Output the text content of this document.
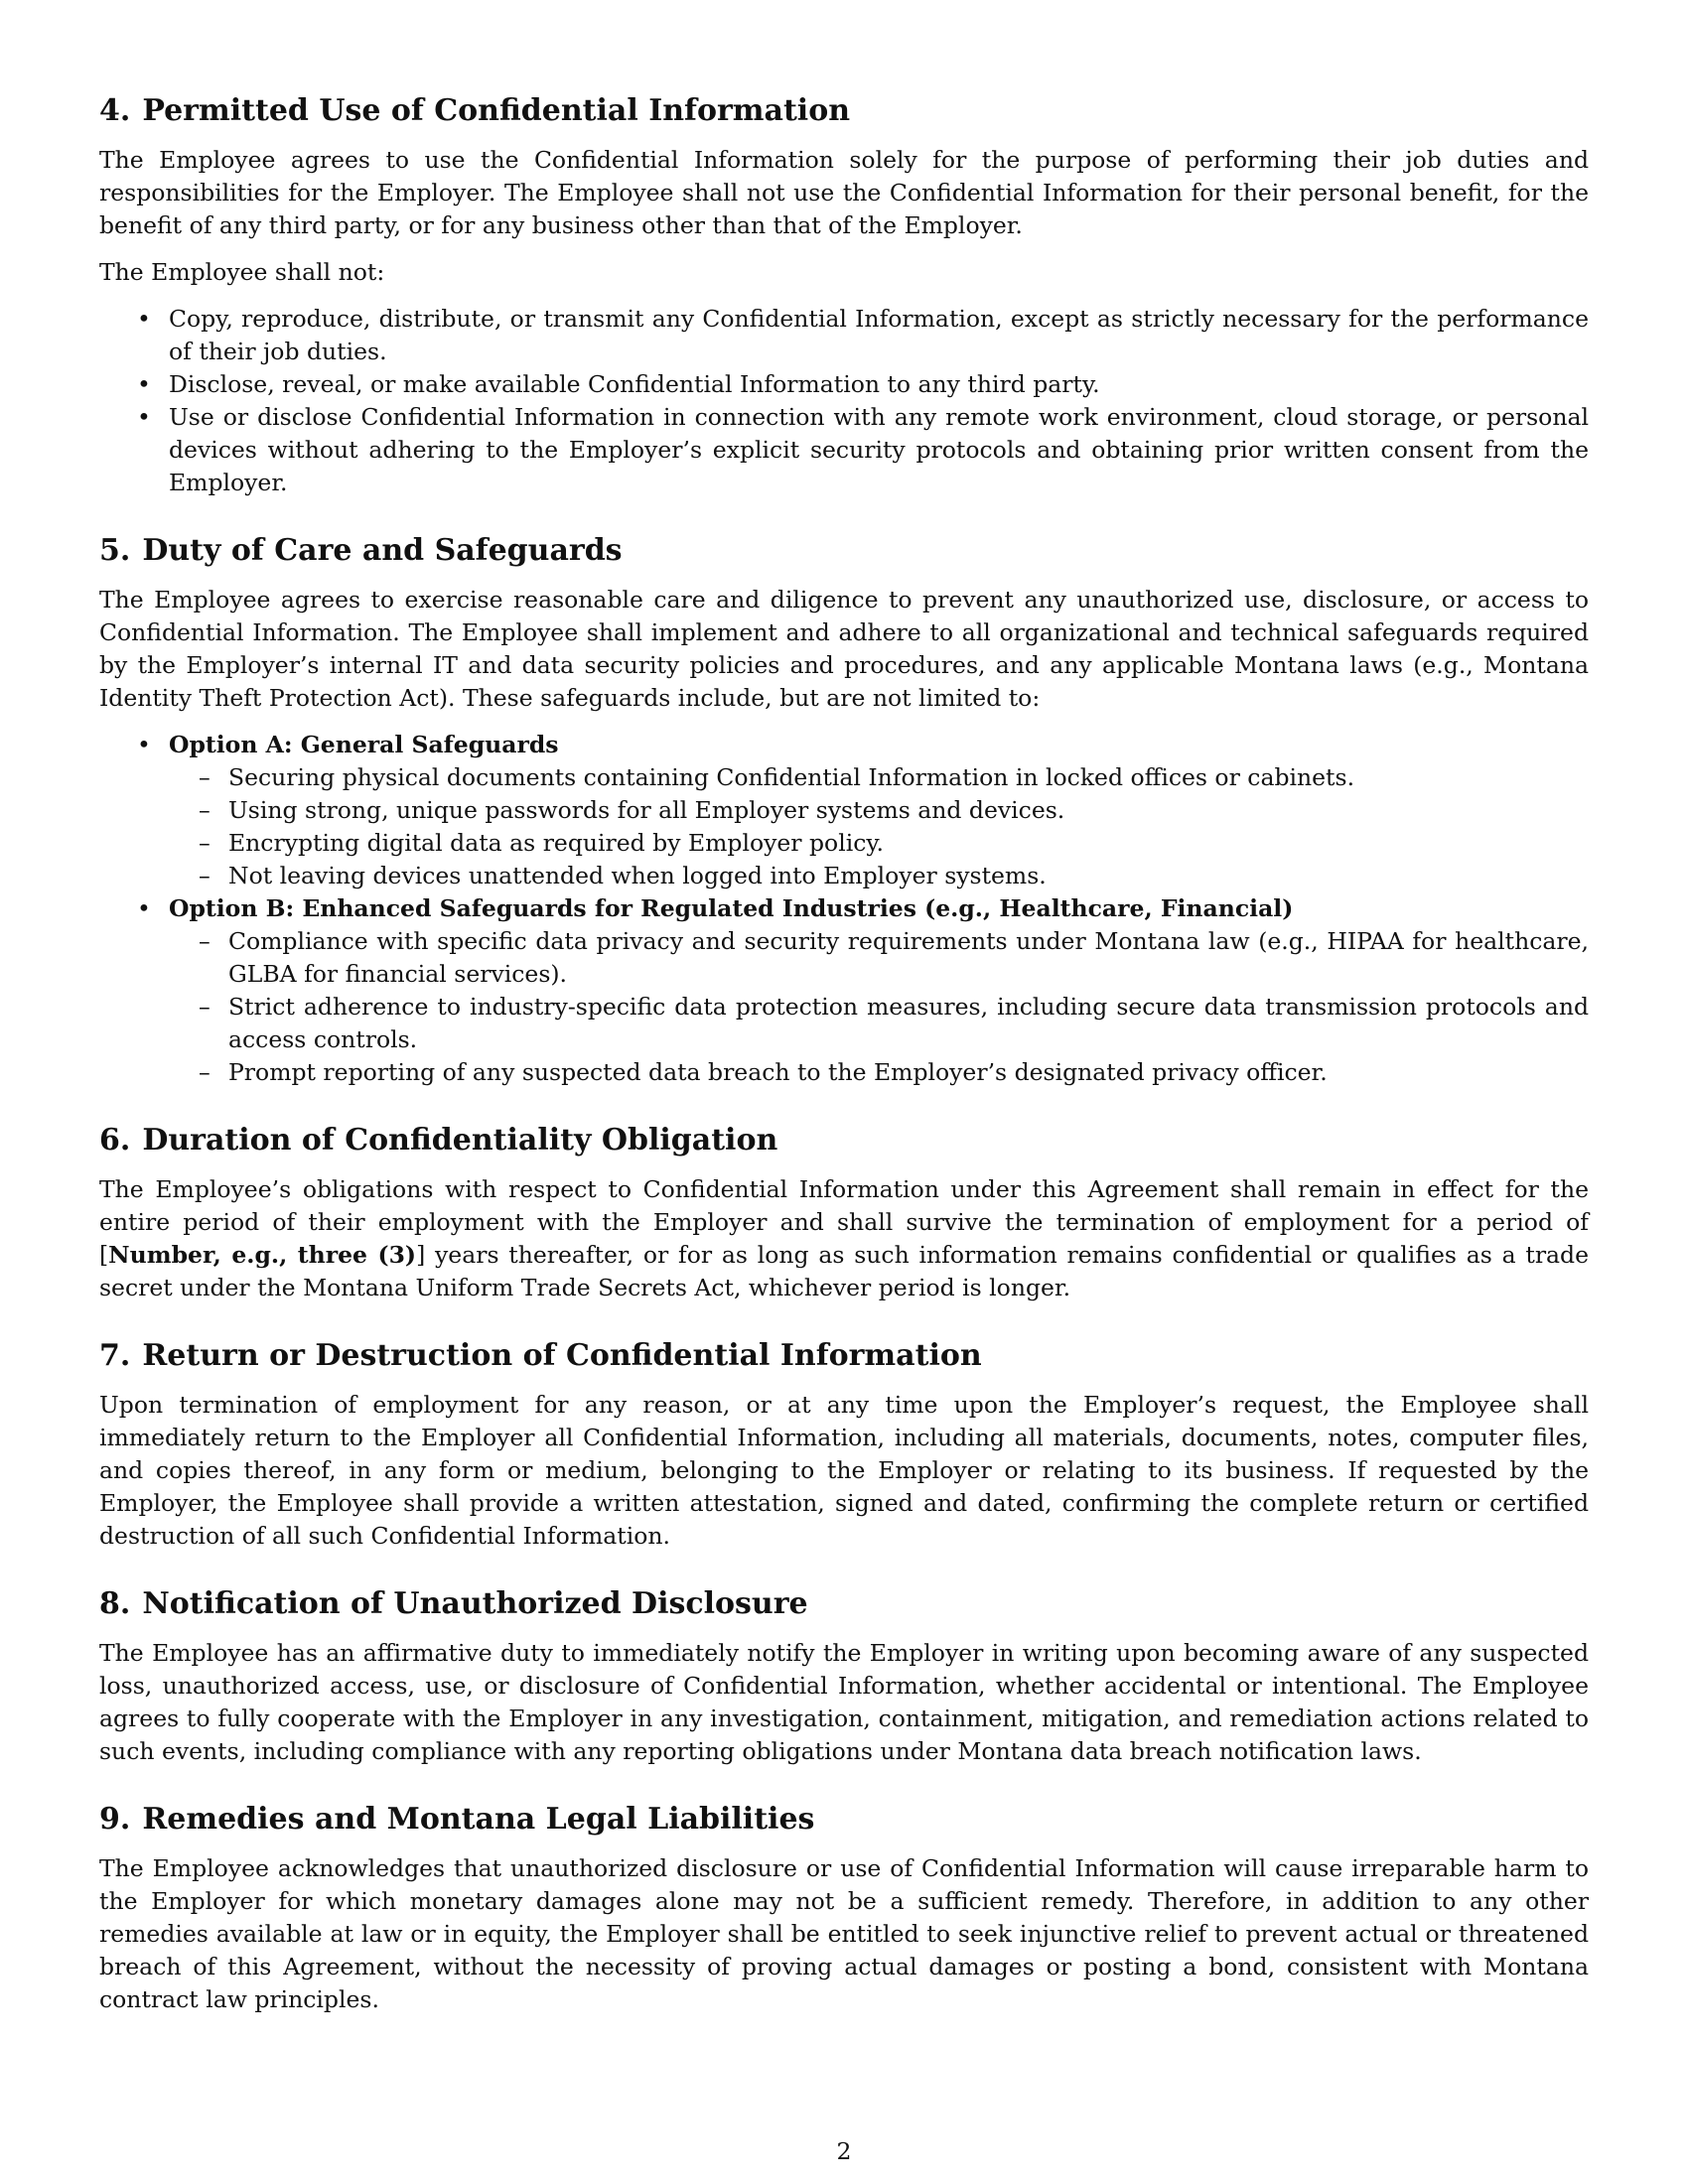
4. Permitted Use of Confidential Information

The Employee agrees to use the Confidential Information solely for the purpose of performing their job duties and responsibilities for the Employer. The Employee shall not use the Confidential Information for their personal benefit, for the benefit of any third party, or for any business other than that of the Employer.

The Employee shall not:

• Copy, reproduce, distribute, or transmit any Confidential Information, except as strictly necessary for the performance of their job duties.
• Disclose, reveal, or make available Confidential Information to any third party.
• Use or disclose Confidential Information in connection with any remote work environment, cloud storage, or personal devices without adhering to the Employer’s explicit security protocols and obtaining prior written consent from the Employer.
5. Duty of Care and Safeguards

The Employee agrees to exercise reasonable care and diligence to prevent any unauthorized use, disclosure, or access to Confidential Information. The Employee shall implement and adhere to all organizational and technical safeguards required by the Employer’s internal IT and data security policies and procedures, and any applicable Montana laws (e.g., Montana Identity Theft Protection Act). These safeguards include, but are not limited to:

• Option A: General Safeguards
– Securing physical documents containing Confidential Information in locked offices or cabinets.
– Using strong, unique passwords for all Employer systems and devices.
– Encrypting digital data as required by Employer policy.
– Not leaving devices unattended when logged into Employer systems.
• Option B: Enhanced Safeguards for Regulated Industries (e.g., Healthcare, Financial)
– Compliance with specific data privacy and security requirements under Montana law (e.g., HIPAA for healthcare, GLBA for financial services).
– Strict adherence to industry-specific data protection measures, including secure data transmission protocols and access controls.
– Prompt reporting of any suspected data breach to the Employer’s designated privacy officer.
6. Duration of Confidentiality Obligation

The Employee’s obligations with respect to Confidential Information under this Agreement shall remain in effect for the entire period of their employment with the Employer and shall survive the termination of employment for a period of [Number, e.g., three (3)] years thereafter, or for as long as such information remains confidential or qualifies as a trade secret under the Montana Uniform Trade Secrets Act, whichever period is longer.

7. Return or Destruction of Confidential Information

Upon termination of employment for any reason, or at any time upon the Employer’s request, the Employee shall immediately return to the Employer all Confidential Information, including all materials, documents, notes, computer files, and copies thereof, in any form or medium, belonging to the Employer or relating to its business. If requested by the Employer, the Employee shall provide a written attestation, signed and dated, confirming the complete return or certified destruction of all such Confidential Information.

8. Notification of Unauthorized Disclosure

The Employee has an affirmative duty to immediately notify the Employer in writing upon becoming aware of any suspected loss, unauthorized access, use, or disclosure of Confidential Information, whether accidental or intentional. The Employee agrees to fully cooperate with the Employer in any investigation, containment, mitigation, and remediation actions related to such events, including compliance with any reporting obligations under Montana data breach notification laws.

9. Remedies and Montana Legal Liabilities

The Employee acknowledges that unauthorized disclosure or use of Confidential Information will cause irreparable harm to the Employer for which monetary damages alone may not be a sufficient remedy. Therefore, in addition to any other remedies available at law or in equity, the Employer shall be entitled to seek injunctive relief to prevent actual or threatened breach of this Agreement, without the necessity of proving actual damages or posting a bond, consistent with Montana contract law principles.

2
